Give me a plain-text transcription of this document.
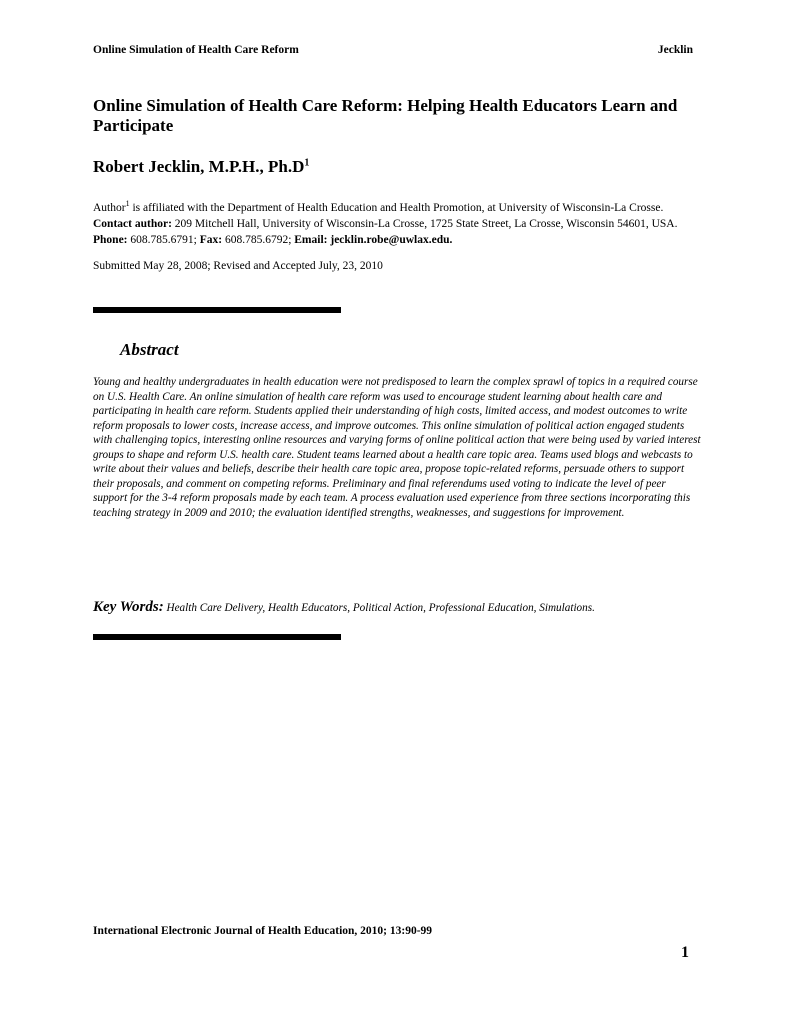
Online Simulation of Health Care Reform	Jecklin
Online Simulation of Health Care Reform: Helping Health Educators Learn and Participate
Robert Jecklin, M.P.H., $Ph.D^1$
Author$^1$ is affiliated with the Department of Health Education and Health Promotion, at University of Wisconsin-La Crosse. Contact author: 209 Mitchell Hall, University of Wisconsin-La Crosse, 1725 State Street, La Crosse, Wisconsin 54601, USA. Phone: 608.785.6791; Fax: 608.785.6792; Email: jecklin.robe@uwlax.edu.
Submitted May 28, 2008; Revised and Accepted July, 23, 2010
Abstract
Young and healthy undergraduates in health education were not predisposed to learn the complex sprawl of topics in a required course on U.S. Health Care. An online simulation of health care reform was used to encourage student learning about health care and participating in health care reform. Students applied their understanding of high costs, limited access, and modest outcomes to write reform proposals to lower costs, increase access, and improve outcomes. This online simulation of political action engaged students with challenging topics, interesting online resources and varying forms of online political action that were being used by varied interest groups to shape and reform U.S. health care. Student teams learned about a health care topic area. Teams used blogs and webcasts to write about their values and beliefs, describe their health care topic area, propose topic-related reforms, persuade others to support their proposals, and comment on competing reforms. Preliminary and final referendums used voting to indicate the level of peer support for the 3-4 reform proposals made by each team. A process evaluation used experience from three sections incorporating this teaching strategy in 2009 and 2010; the evaluation identified strengths, weaknesses, and suggestions for improvement.
Key Words: Health Care Delivery, Health Educators, Political Action, Professional Education, Simulations.
International Electronic Journal of Health Education, 2010; 13:90-99
1
